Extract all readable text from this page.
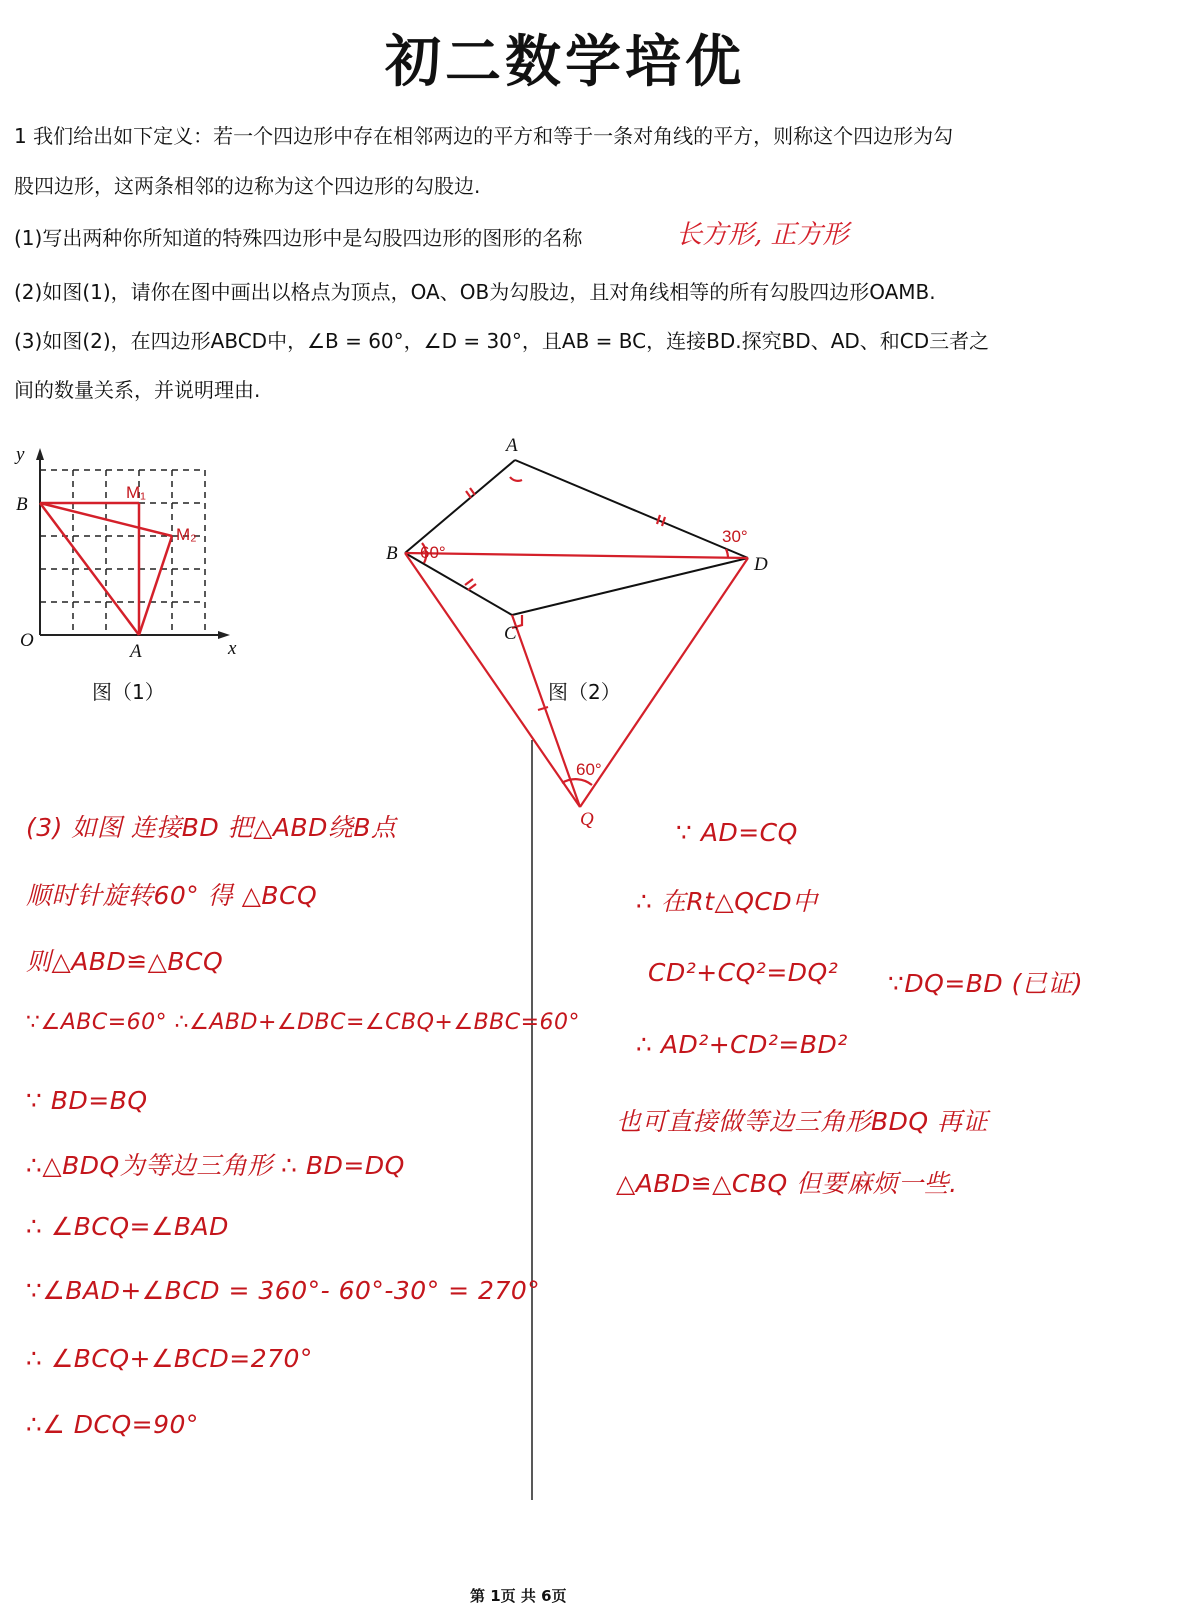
初二数学培优
1 我们给出如下定义：若一个四边形中存在相邻两边的平方和等于一条对角线的平方，则称这个四边形为勾
股四边形，这两条相邻的边称为这个四边形的勾股边.
(1)写出两种你所知道的特殊四边形中是勾股四边形的图形的名称	长方形, 正方形
(2)如图(1)，请你在图中画出以格点为顶点，OA、OB为勾股边，且对角线相等的所有勾股四边形OAMB.
(3)如图(2)，在四边形ABCD中，∠B = 60°，∠D = 30°，且AB = BC，连接BD.探究BD、AD、和CD三者之
间的数量关系，并说明理由.
y
B
O
A	x
M₁
M₂
图（1）
A
B
C
D
Q
60°
30°
60°
图（2）
(3) 如图 连接BD 把△ABD绕B点
顺时针旋转60° 得 △BCQ
则△ABD≌△BCQ
∵∠ABC=60° ∴∠ABD+∠DBC=∠CBQ+∠BBC=60°
∵ BD=BQ
∴△BDQ为等边三角形 ∴ BD=DQ
∴ ∠BCQ=∠BAD
∵∠BAD+∠BCD = 360°- 60°-30° = 270°
∴ ∠BCQ+∠BCD=270°
∴∠ DCQ=90°
∵ AD=CQ
∴ 在Rt△QCD中
CD²+CQ²=DQ² ∵DQ=BD (已证)
∴ AD²+CD²=BD²
也可直接做等边三角形BDQ 再证
△ABD≌△CBQ 但要麻烦一些.
第 1页 共 6页
